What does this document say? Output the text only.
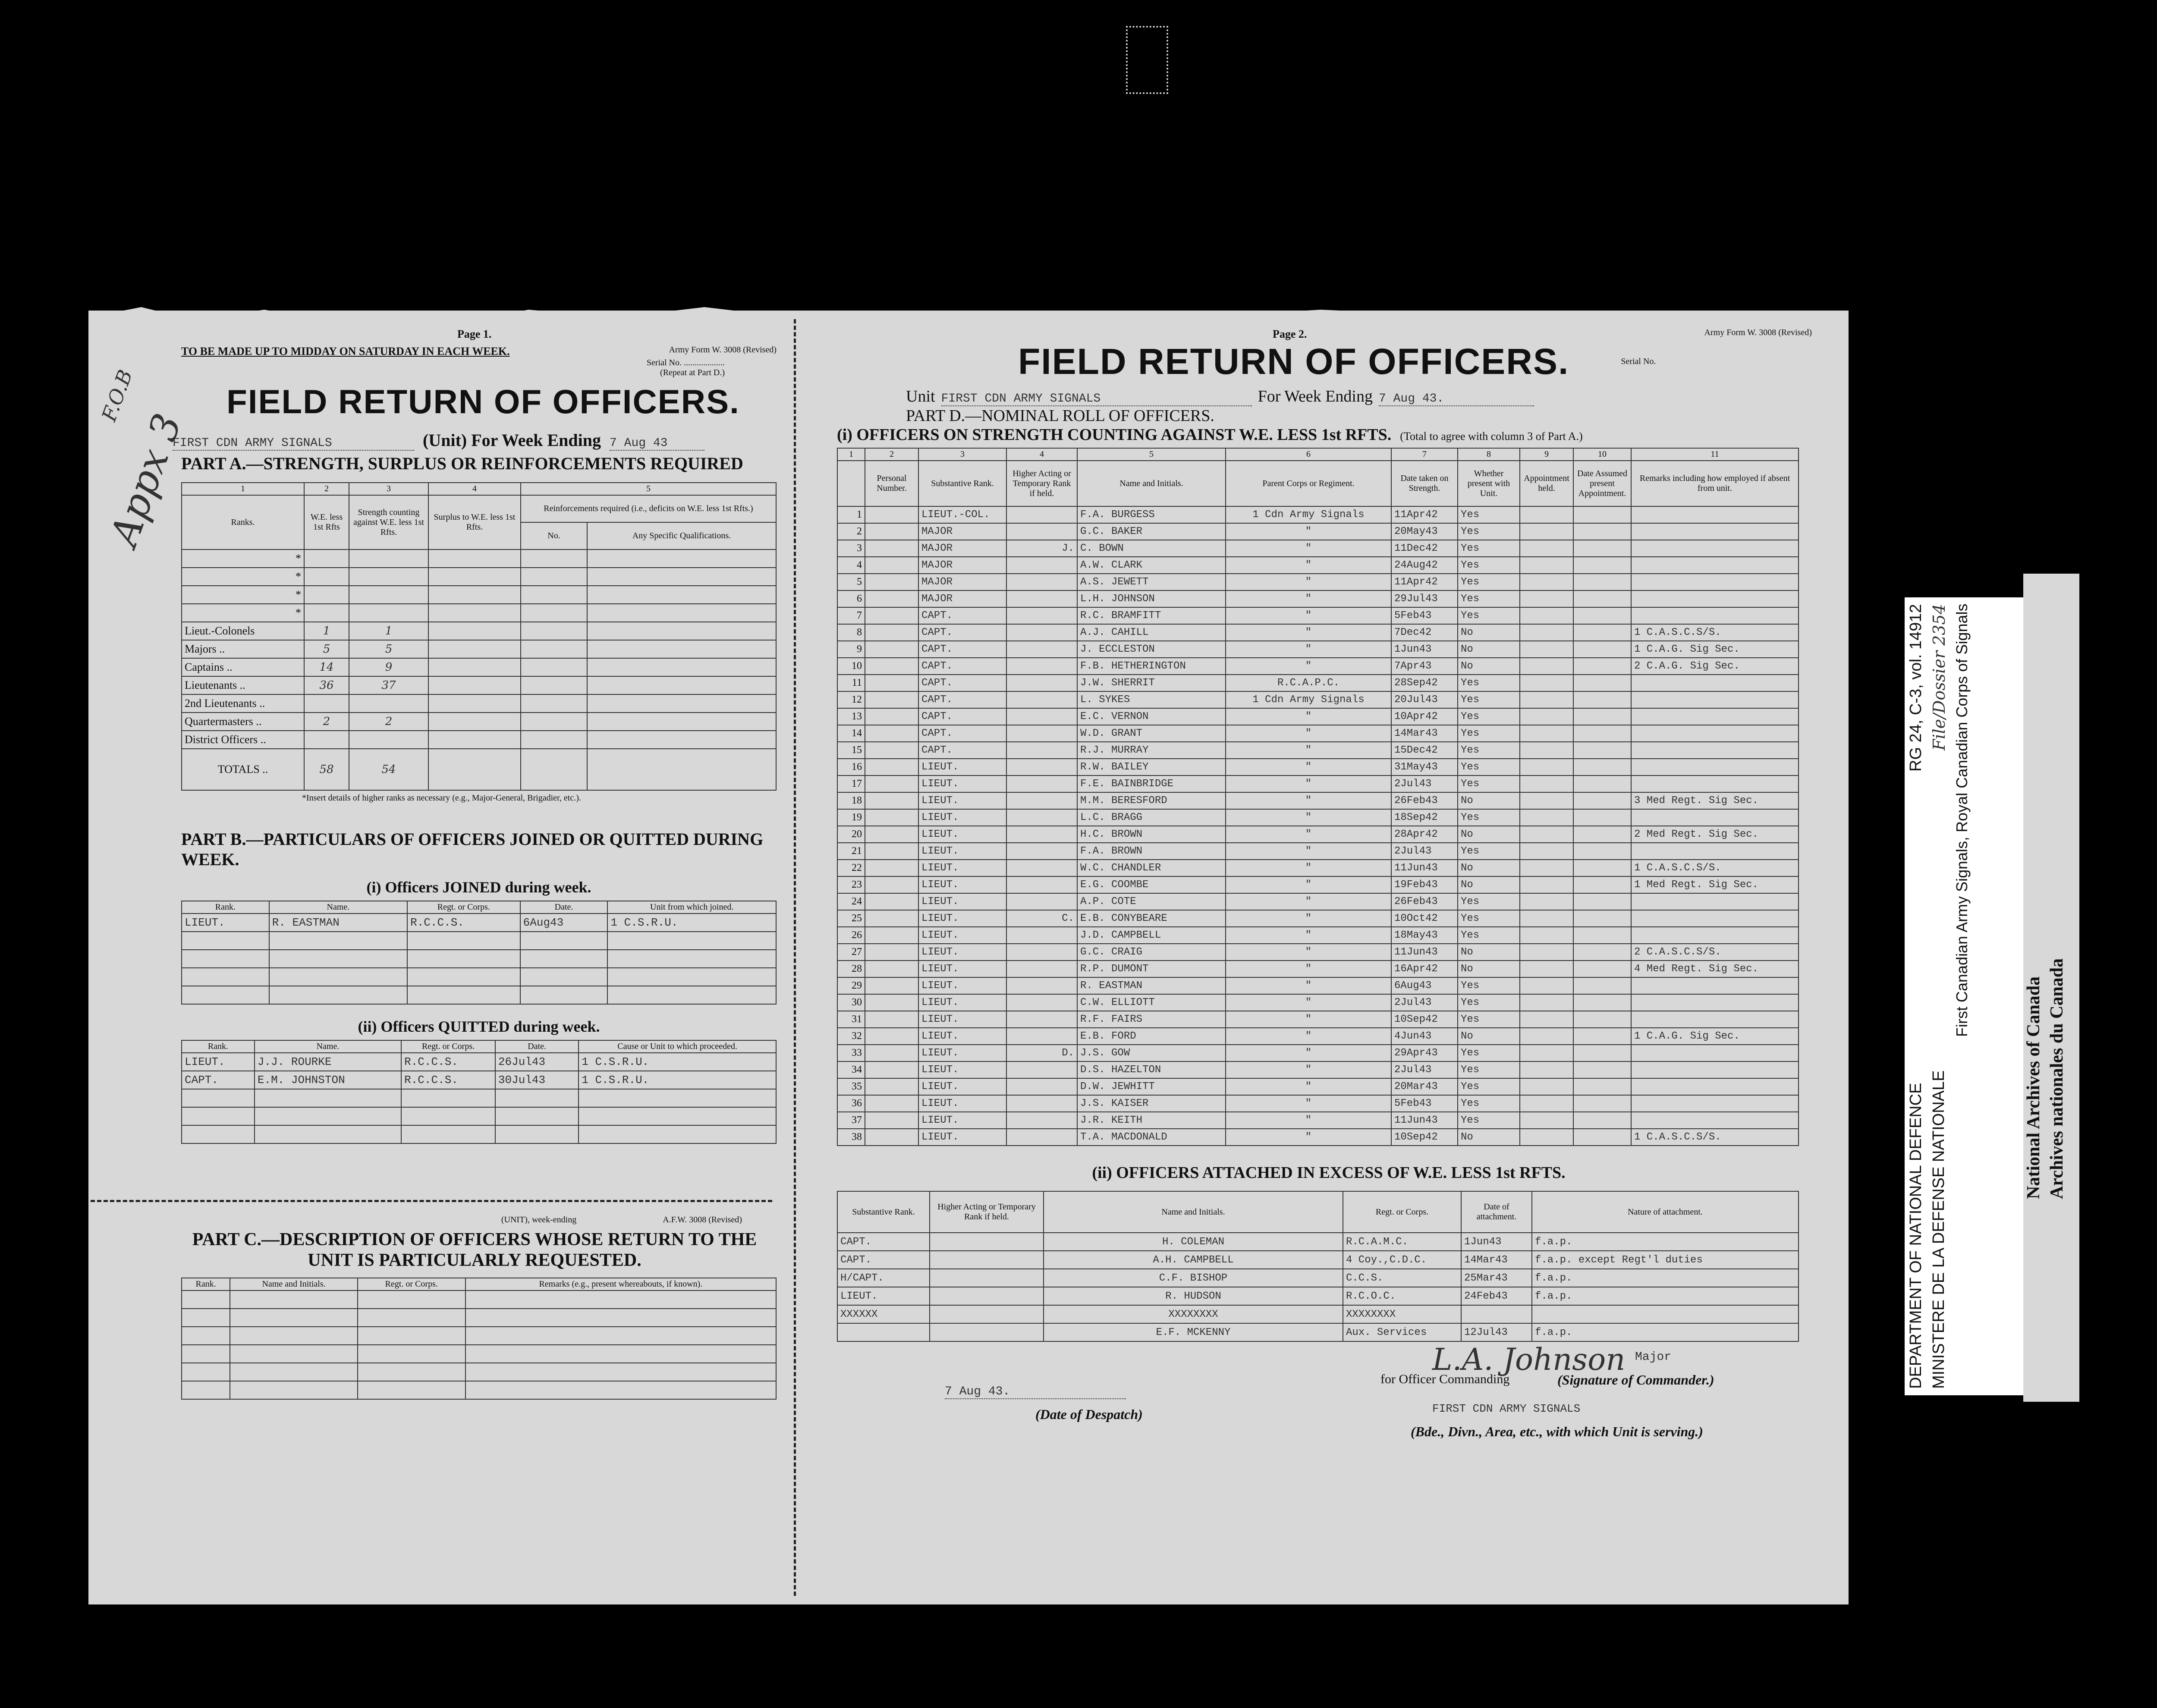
Page 1.
TO BE MADE UP TO MIDDAY ON SATURDAY IN EACH WEEK.	Army Form W. 3008 (Revised)
Serial No. ...................
(Repeat at Part D.)
FIELD RETURN OF OFFICERS.
F.O.B
Appx 3
FIRST CDN ARMY SIGNALS	(Unit) For Week Ending 7 Aug 43
PART A.—STRENGTH, SURPLUS OR REINFORCEMENTS REQUIRED
1	2	3	4	5	
Ranks.	W.E. less 1st Rfts	Strength counting against W.E. less 1st Rfts.	Surplus to W.E. less 1st Rfts.	Reinforcements required (i.e., deficits on W.E. less 1st Rfts.)	
				No.	Any Specific Qualifications.
*					
*					
*					
*					
Lieut.-Colonels	1	1			
Majors ..	5	5			
Captains ..	14	9			
Lieutenants ..	36	37			
2nd Lieutenants ..					
Quartermasters ..	2	2			
District Officers ..					
TOTALS ..	58	54			
*Insert details of higher ranks as necessary (e.g., Major-General, Brigadier, etc.).
PART B.—PARTICULARS OF OFFICERS JOINED OR QUITTED DURING WEEK.
(i) Officers JOINED during week.
Rank.	Name.	Regt. or Corps.	Date.	Unit from which joined.
LIEUT.	R. EASTMAN	R.C.C.S.	6Aug43	1 C.S.R.U.

(ii) Officers QUITTED during week.
Rank.	Name.	Regt. or Corps.	Date.	Cause or Unit to which proceeded.
LIEUT.	J.J. ROURKE	R.C.C.S.	26Jul43	1 C.S.R.U.
CAPT.	E.M. JOHNSTON	R.C.C.S.	30Jul43	1 C.S.R.U.

(UNIT), week-ending	A.F.W. 3008 (Revised)
PART C.—DESCRIPTION OF OFFICERS WHOSE RETURN TO THE UNIT IS PARTICULARLY REQUESTED.
Rank.	Name and Initials.	Regt. or Corps.	Remarks (e.g., present whereabouts, if known).

Page 2.	Army Form W. 3008 (Revised)
FIELD RETURN OF OFFICERS.	Serial No.
Unit FIRST CDN ARMY SIGNALS	For Week Ending 7 Aug 43.
PART D.—NOMINAL ROLL OF OFFICERS.
(i) OFFICERS ON STRENGTH COUNTING AGAINST W.E. LESS 1st RFTS. (Total to agree with column 3 of Part A.)
1	2	3	4	5	6	7	8	9	10	11
	Personal Number.	Substantive Rank.	Higher Acting or Temporary Rank if held.	Name and Initials.	Parent Corps or Regiment.	Date taken on Strength.	Whether present with Unit.	Appointment held.	Date Assumed present Appointment.	Remarks including how employed if absent from unit.
1		LIEUT.-COL.		F.A. BURGESS	1 Cdn Army Signals	11Apr42	Yes			
2		MAJOR		G.C. BAKER	"	20May43	Yes			
3		MAJOR	J.	C. BOWN	"	11Dec42	Yes			
4		MAJOR		A.W. CLARK	"	24Aug42	Yes			
5		MAJOR		A.S. JEWETT	"	11Apr42	Yes			
6		MAJOR		L.H. JOHNSON	"	29Jul43	Yes			
7		CAPT.		R.C. BRAMFITT	"	5Feb43	Yes			
8		CAPT.		A.J. CAHILL	"	7Dec42	No			1 C.A.S.C.S/S.
9		CAPT.		J. ECCLESTON	"	1Jun43	No			1 C.A.G. Sig Sec.
10		CAPT.		F.B. HETHERINGTON	"	7Apr43	No			2 C.A.G. Sig Sec.
11		CAPT.		J.W. SHERRIT	R.C.A.P.C.	28Sep42	Yes			
12		CAPT.		L. SYKES	1 Cdn Army Signals	20Jul43	Yes			
13		CAPT.		E.C. VERNON	"	10Apr42	Yes			
14		CAPT.		W.D. GRANT	"	14Mar43	Yes			
15		CAPT.		R.J. MURRAY	"	15Dec42	Yes			
16		LIEUT.		R.W. BAILEY	"	31May43	Yes			
17		LIEUT.		F.E. BAINBRIDGE	"	2Jul43	Yes			
18		LIEUT.		M.M. BERESFORD	"	26Feb43	No			3 Med Regt. Sig Sec.
19		LIEUT.		L.C. BRAGG	"	18Sep42	Yes			
20		LIEUT.		H.C. BROWN	"	28Apr42	No			2 Med Regt. Sig Sec.
21		LIEUT.		F.A. BROWN	"	2Jul43	Yes			
22		LIEUT.		W.C. CHANDLER	"	11Jun43	No			1 C.A.S.C.S/S.
23		LIEUT.		E.G. COOMBE	"	19Feb43	No			1 Med Regt. Sig Sec.
24		LIEUT.		A.P. COTE	"	26Feb43	Yes			
25		LIEUT.	C.	E.B. CONYBEARE	"	10Oct42	Yes			
26		LIEUT.		J.D. CAMPBELL	"	18May43	Yes			
27		LIEUT.		G.C. CRAIG	"	11Jun43	No			2 C.A.S.C.S/S.
28		LIEUT.		R.P. DUMONT	"	16Apr42	No			4 Med Regt. Sig Sec.
29		LIEUT.		R. EASTMAN	"	6Aug43	Yes			
30		LIEUT.		C.W. ELLIOTT	"	2Jul43	Yes			
31		LIEUT.		R.F. FAIRS	"	10Sep42	Yes			
32		LIEUT.		E.B. FORD	"	4Jun43	No			1 C.A.G. Sig Sec.
33		LIEUT.	D.	J.S. GOW	"	29Apr43	Yes			
34		LIEUT.		D.S. HAZELTON	"	2Jul43	Yes			
35		LIEUT.		D.W. JEWHITT	"	20Mar43	Yes			
36		LIEUT.		J.S. KAISER	"	5Feb43	Yes			
37		LIEUT.		J.R. KEITH	"	11Jun43	Yes			
38		LIEUT.		T.A. MACDONALD	"	10Sep42	No			1 C.A.S.C.S/S.
(ii) OFFICERS ATTACHED IN EXCESS OF W.E. LESS 1st RFTS.
Substantive Rank.	Higher Acting or Temporary Rank if held.	Name and Initials.	Regt. or Corps.	Date of attachment.	Nature of attachment.
CAPT.		H. COLEMAN	R.C.A.M.C.	1Jun43	f.a.p.
CAPT.		A.H. CAMPBELL	4 Coy.,C.D.C.	14Mar43	f.a.p. except Regt'l duties
H/CAPT.		C.F. BISHOP	C.C.S.	25Mar43	f.a.p.
LIEUT.		R. HUDSON	R.C.O.C.	24Feb43	f.a.p.
XXXXXX		XXXXXXXX	XXXXXXXX		
		E.F. MCKENNY	Aux. Services	12Jul43	f.a.p.
L.A. Johnson Major
for Officer Commanding	(Signature of Commander.)
7 Aug 43.
(Date of Despatch)	FIRST CDN ARMY SIGNALS
(Bde., Divn., Area, etc., with which Unit is serving.)
DEPARTMENT OF NATIONAL DEFENCE
RG 24, C-3, vol. 14912
MINISTERE DE LA DEFENSE NATIONALE
File/Dossier 2354 First Canadian Army Signals, Royal Canadian Corps of Signals
National Archives of Canada Archives nationales du Canada
